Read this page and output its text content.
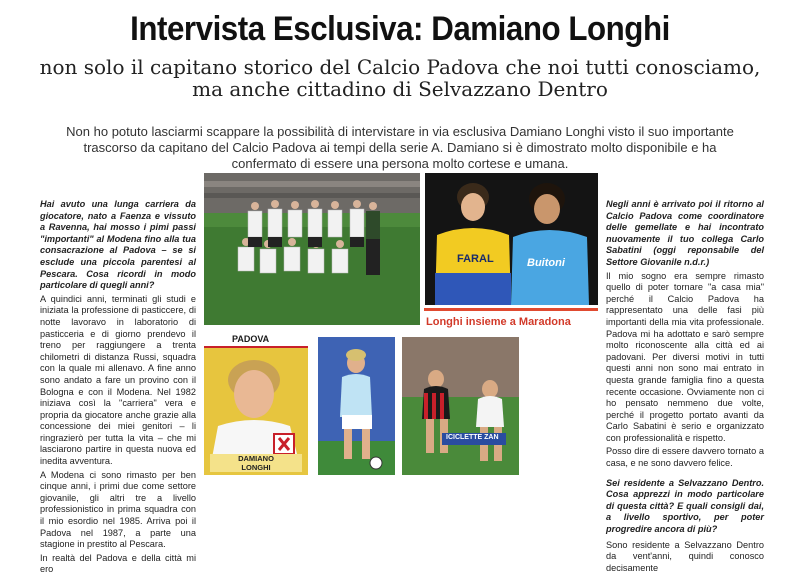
Intervista Esclusiva: Damiano Longhi
non solo il capitano storico del Calcio Padova che noi tutti conosciamo,
ma anche cittadino di Selvazzano Dentro
Non ho potuto lasciarmi scappare la possibilità di intervistare in via esclusiva Damiano Longhi visto il suo importante trascorso da capitano del Calcio Padova ai tempi della serie A. Damiano si è dimostrato molto disponibile e ha confermato di essere una persona molto cortese e umana.

Hai avuto una lunga carriera da giocatore, nato a Faenza e vissuto a Ravenna, hai mosso i pimi passi "importanti" al Modena fino alla tua consacrazione al Padova – se si esclude una piccola parentesi al Pescara. Cosa ricordi in modo particolare di quegli anni?

A quindici anni, terminati gli studi e iniziata la professione di pasticcere, di notte lavoravo in laboratorio di pasticceria e di giorno prendevo il treno per raggiungere a trenta chilometri di distanza Russi, squadra con la quale mi allenavo. A fine anno sono andato a fare un provino con il Bologna e con il Modena. Nel 1982 iniziava così la "carriera" vera e propria da giocatore anche grazie alla concessione dei miei genitori – li ringrazierò per tutta la vita – che mi lasciarono partire in questa nuova ed inedita avventura.

A Modena ci sono rimasto per ben cinque anni, i primi due come settore giovanile, gli altri tre a livello professionistico in prima squadra con il mio esordio nel 1985. Arriva poi il Padova nel 1987, a parte una stagione in prestito al Pescara.

In realtà del Padova e della città mi ero

Negli anni è arrivato poi il ritorno al Calcio Padova come coordinatore delle gemellate e hai incontrato nuovamente il tuo collega Carlo Sabatini (oggi reponsabile del Settore Giovanile n.d.r.)

Il mio sogno era sempre rimasto quello di poter tornare "a casa mia" perché il Calcio Padova ha rappresentato una delle fasi più importanti della mia vita professionale. Padova mi ha adottato e sarò sempre molto riconoscente alla città ed ai padovani. Per diversi motivi in tutti questi anni non sono mai entrato in questa grande famiglia fino a questa recente occasione. Ovviamente non ci ho pensato nemmeno due volte, perché il progetto portato avanti da Carlo Sabatini è serio e organizzato con professionalità e rispetto.

Posso dire di essere davvero tornato a casa, e ne sono davvero felice.

Sei residente a Selvazzano Dentro. Cosa apprezzi in modo particolare di questa città? E quali consigli dai, a livello sportivo, per poter progredire ancora di più?

Sono residente a Selvazzano Dentro da vent'anni, quindi conosco decisamente

FARAL	Buitoni
Longhi insieme a Maradona
PADOVA
DAMIANO
LONGHI
ICICLETTE ZAN
